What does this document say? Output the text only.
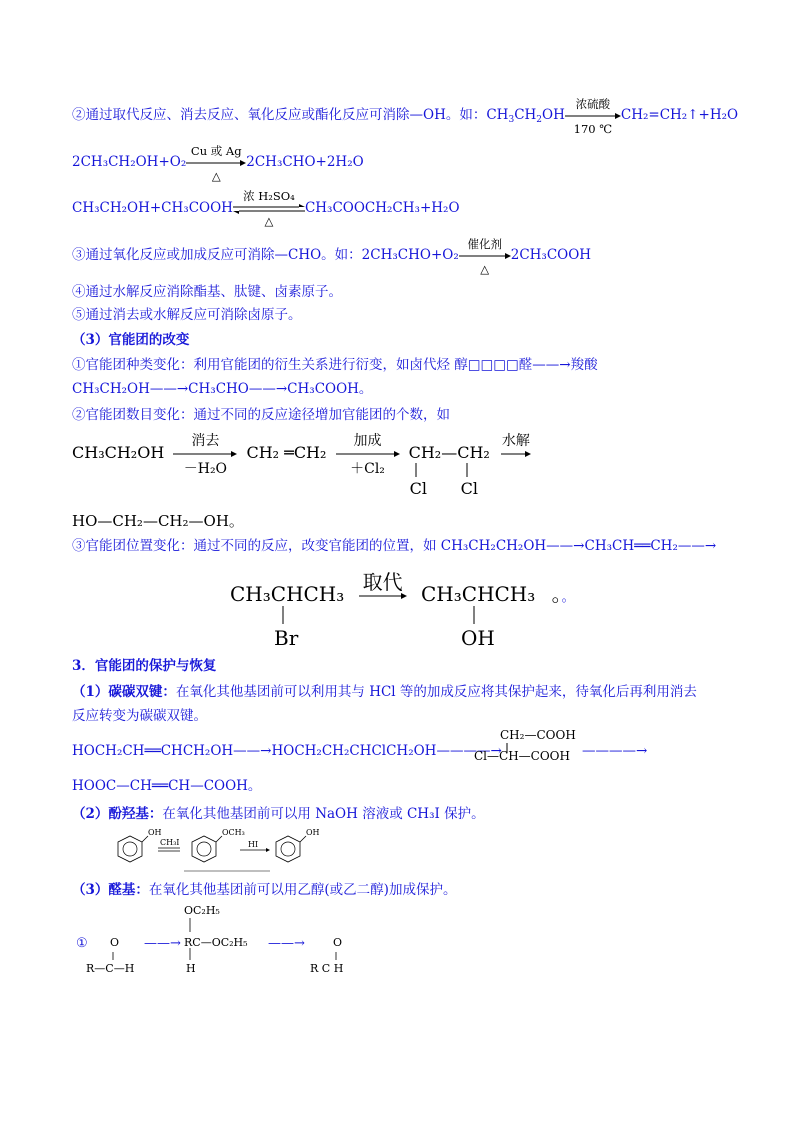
②通过取代反应、消去反应、氧化反应或酯化反应可消除—OH。如：$CH_3CH_2OH$
浓硫酸
170 ℃
CH₂=CH₂↑+H₂O
2CH₃CH₂OH+O₂
Cu 或 Ag
△
2CH₃CHO+2H₂O
CH₃CH₂OH+CH₃COOH
浓 H₂SO₄
△
CH₃COOCH₂CH₃+H₂O
③通过氧化反应或加成反应可消除—CHO。如：2CH₃CHO+O₂
催化剂
△
2CH₃COOH
④通过水解反应消除酯基、肽键、卤素原子。
⑤通过消去或水解反应可消除卤原子。
（3）官能团的改变
①官能团种类变化：利用官能团的衍生关系进行衍变，如卤代烃 醇□□□□醛——→羧酸
CH₃CH₂OH——→CH₃CHO——→CH₃COOH。
②官能团数目变化：通过不同的反应途径增加官能团的个数，如
CH₃CH₂OH
消去
－H₂O
CH₂ ═CH₂
加成
＋Cl₂
CH₂—CH₂
Cl Cl

水解
HO—CH₂—CH₂—OH。
③官能团位置变化：通过不同的反应，改变官能团的位置，如 CH₃CH₂CH₂OH——→CH₃CH══CH₂——→
CH₃CHCH₃
Br

取代
CH₃CHCH₃
OH
。。
3．官能团的保护与恢复
（1）碳碳双键：在氧化其他基团前可以利用其与 HCl 等的加成反应将其保护起来，待氧化后再利用消去
反应转变为碳碳双键。
HOCH₂CH══CHCH₂OH——→HOCH₂CH₂CHClCH₂OH————→
CH₂—COOH
Cl—CH—COOH ————→
HOOC—CH══CH—COOH。
（2）酚羟基：在氧化其他基团前可以用 NaOH 溶液或 CH₃I 保护。
OH
CH₃I
OCH₃
HI
OH
（3）醛基：在氧化其他基团前可以用乙醇(或乙二醇)加成保护。
① O
R—C—H
——→
OC₂H₅
RC—OC₂H₅ ——→
H
O
R C H
